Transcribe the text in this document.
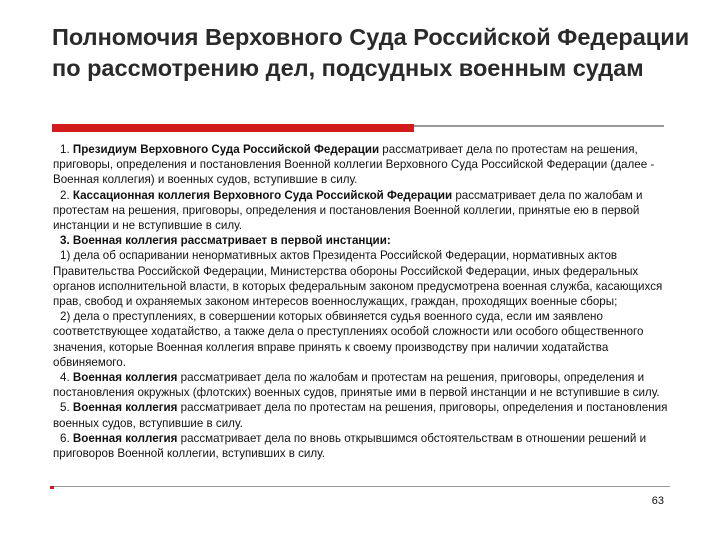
Полномочия Верховного Суда Российской Федерации по рассмотрению дел, подсудных военным судам

1. Президиум Верховного Суда Российской Федерации рассматривает дела по протестам на решения, приговоры, определения и постановления Военной коллегии Верховного Суда Российской Федерации (далее - Военная коллегия) и военных судов, вступившие в силу.

2. Кассационная коллегия Верховного Суда Российской Федерации рассматривает дела по жалобам и протестам на решения, приговоры, определения и постановления Военной коллегии, принятые ею в первой инстанции и не вступившие в силу.

3. Военная коллегия рассматривает в первой инстанции:

1) дела об оспаривании ненормативных актов Президента Российской Федерации, нормативных актов Правительства Российской Федерации, Министерства обороны Российской Федерации, иных федеральных органов исполнительной власти, в которых федеральным законом предусмотрена военная служба, касающихся прав, свобод и охраняемых законом интересов военнослужащих, граждан, проходящих военные сборы;

2) дела о преступлениях, в совершении которых обвиняется судья военного суда, если им заявлено соответствующее ходатайство, а также дела о преступлениях особой сложности или особого общественного значения, которые Военная коллегия вправе принять к своему производству при наличии ходатайства обвиняемого.

4. Военная коллегия рассматривает дела по жалобам и протестам на решения, приговоры, определения и постановления окружных (флотских) военных судов, принятые ими в первой инстанции и не вступившие в силу.

5. Военная коллегия рассматривает дела по протестам на решения, приговоры, определения и постановления военных судов, вступившие в силу.

6. Военная коллегия рассматривает дела по вновь открывшимся обстоятельствам в отношении решений и приговоров Военной коллегии, вступивших в силу.

63
